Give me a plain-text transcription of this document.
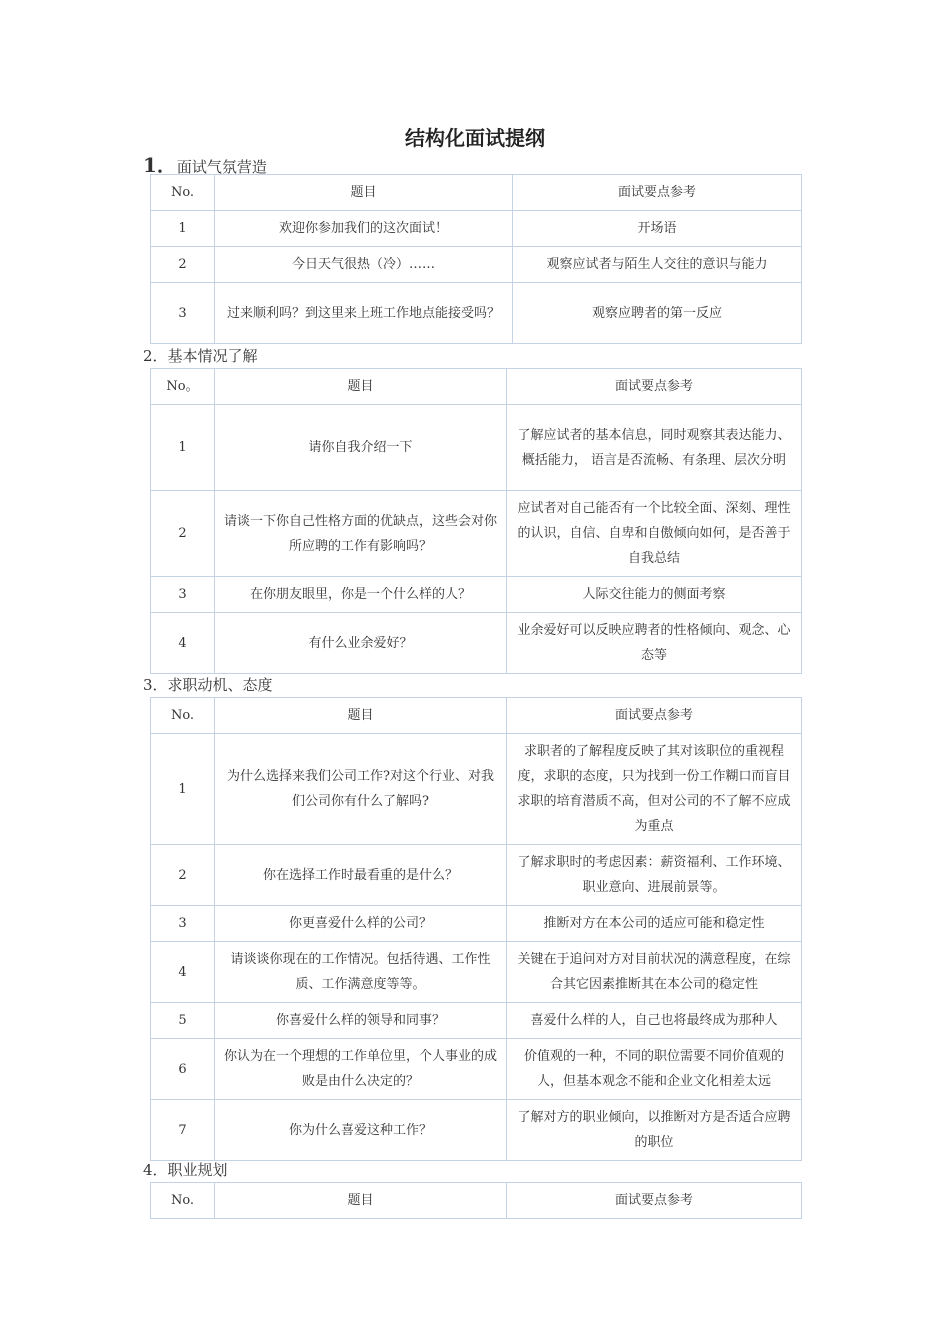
结构化面试提纲
1．面试气氛营造
No.	题目	面试要点参考
1	欢迎你参加我们的这次面试！	开场语
2	今日天气很热（冷）……	观察应试者与陌生人交往的意识与能力
3	过来顺利吗？到这里来上班工作地点能接受吗？	观察应聘者的第一反应
2．基本情况了解
No。	题目	面试要点参考
1	请你自我介绍一下	了解应试者的基本信息，同时观察其表达能力、概括能力， 语言是否流畅、有条理、层次分明
2	请谈一下你自己性格方面的优缺点，这些会对你所应聘的工作有影响吗？	应试者对自己能否有一个比较全面、深刻、理性的认识，自信、自卑和自傲倾向如何，是否善于自我总结
3	在你朋友眼里，你是一个什么样的人？	人际交往能力的侧面考察
4	有什么业余爱好？	业余爱好可以反映应聘者的性格倾向、观念、心态等
3．求职动机、态度
No.	题目	面试要点参考
1	为什么选择来我们公司工作?对这个行业、对我们公司你有什么了解吗?	求职者的了解程度反映了其对该职位的重视程度，求职的态度，只为找到一份工作糊口而盲目求职的培育潜质不高，但对公司的不了解不应成为重点
2	你在选择工作时最看重的是什么？	了解求职时的考虑因素：薪资福利、工作环境、职业意向、进展前景等。
3	你更喜爱什么样的公司？	推断对方在本公司的适应可能和稳定性
4	请谈谈你现在的工作情况。包括待遇、工作性质、工作满意度等等。	关键在于追问对方对目前状况的满意程度，在综合其它因素推断其在本公司的稳定性
5	你喜爱什么样的领导和同事？	喜爱什么样的人，自己也将最终成为那种人
6	你认为在一个理想的工作单位里，个人事业的成败是由什么决定的？	价值观的一种，不同的职位需要不同价值观的人，但基本观念不能和企业文化相差太远
7	你为什么喜爱这种工作？	了解对方的职业倾向，以推断对方是否适合应聘的职位
4．职业规划
No.	题目	面试要点参考
